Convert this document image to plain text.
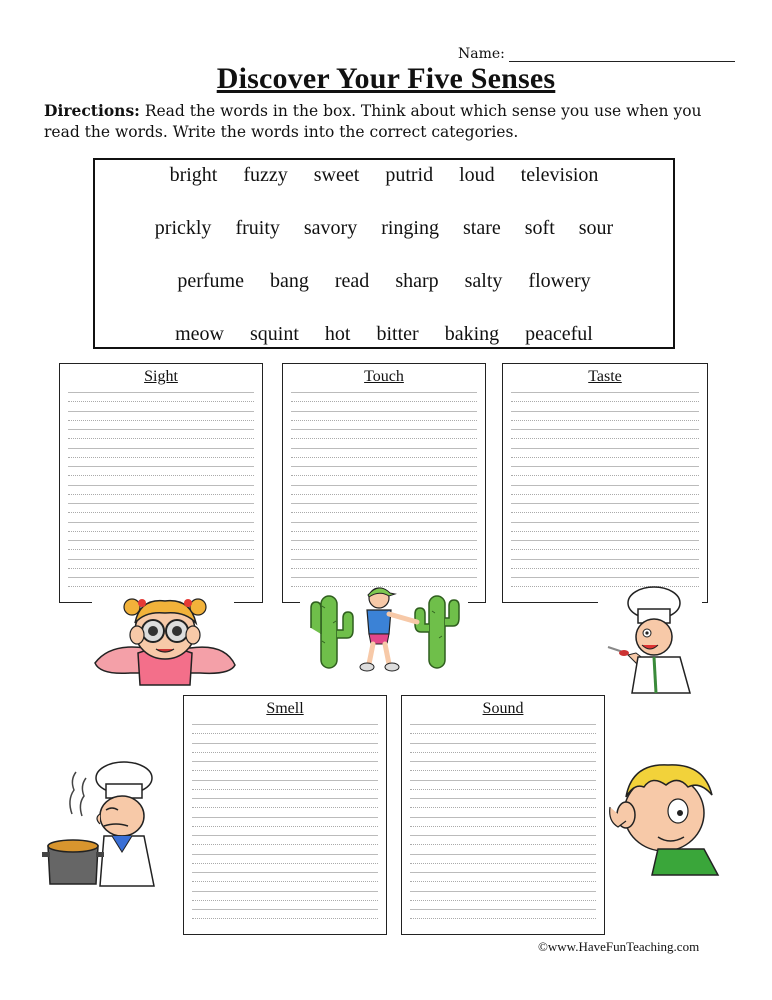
Name:
Discover Your Five Senses
Directions: Read the words in the box. Think about which sense you use when you read the words. Write the words into the correct categories.
bright fuzzy sweet putrid loud television
prickly fruity savory ringing stare soft sour
perfume bang read sharp salty flowery
meow squint hot bitter baking peaceful
Sight	Touch	Taste
Smell	Sound
©www.HaveFunTeaching.com
